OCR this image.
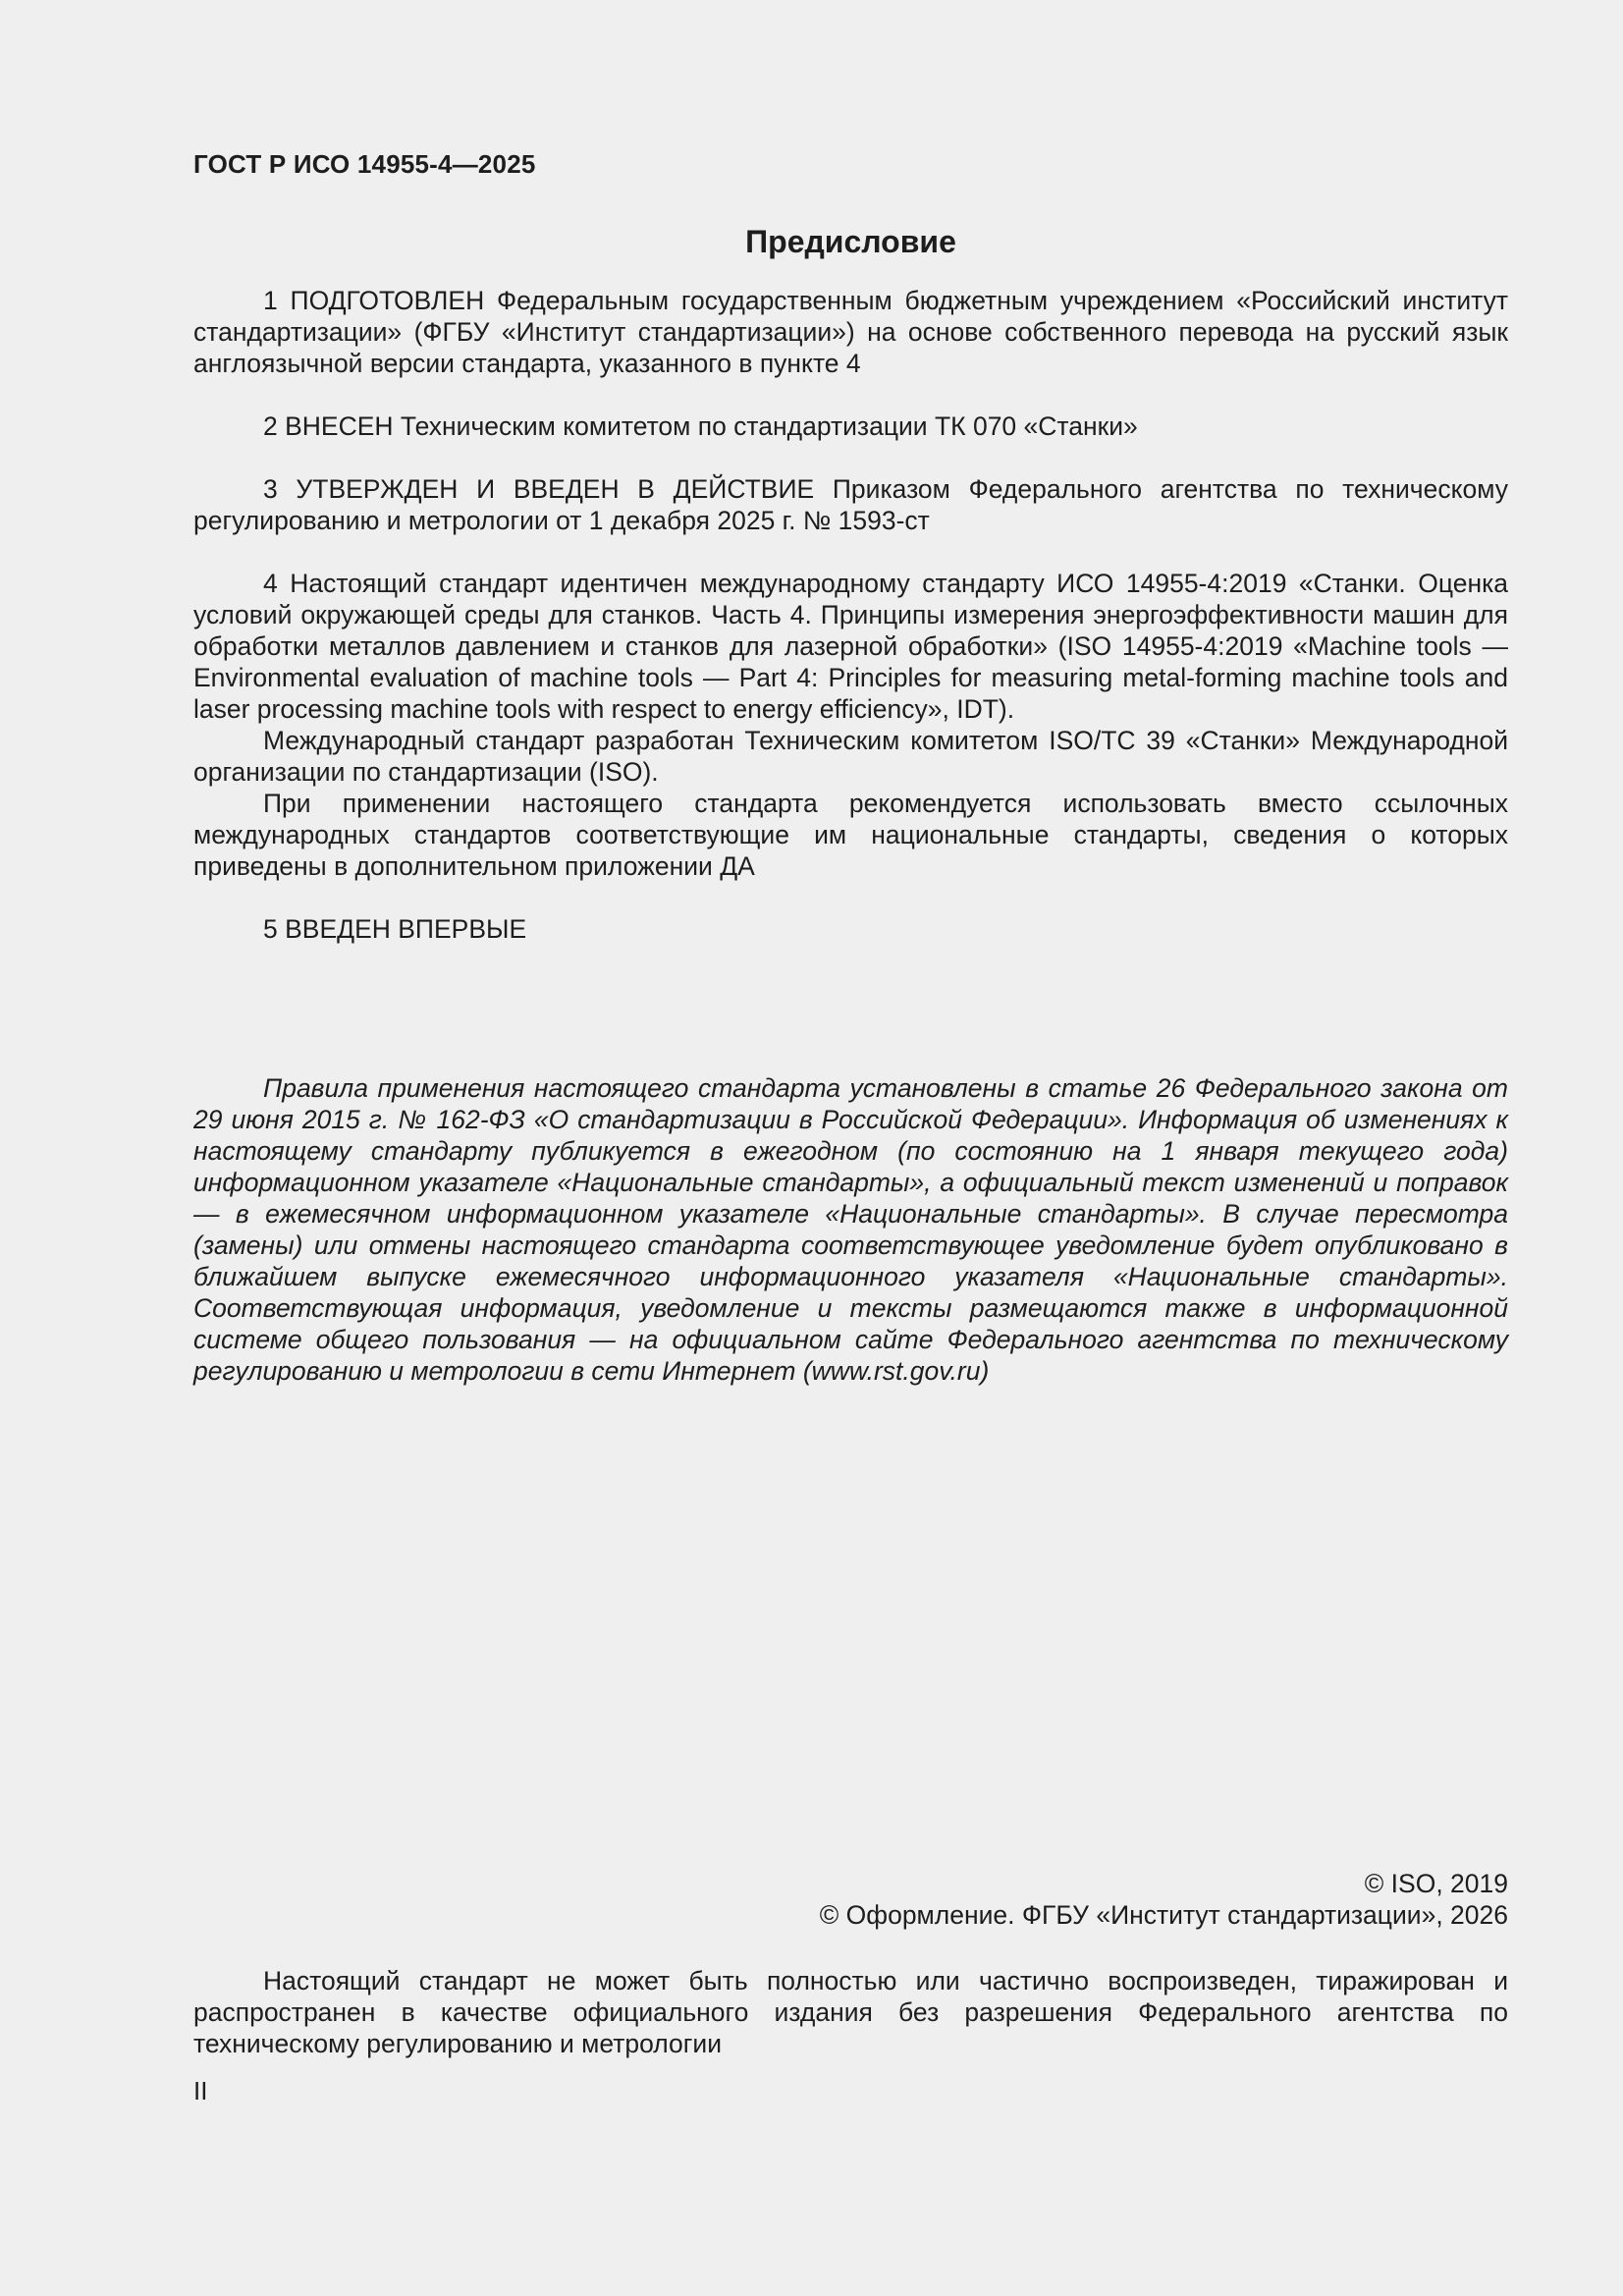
ГОСТ Р ИСО 14955-4—2025
Предисловие

1 ПОДГОТОВЛЕН Федеральным государственным бюджетным учреждением «Российский институт стандартизации» (ФГБУ «Институт стандартизации») на основе собственного перевода на русский язык англоязычной версии стандарта, указанного в пункте 4

2 ВНЕСЕН Техническим комитетом по стандартизации ТК 070 «Станки»

3 УТВЕРЖДЕН И ВВЕДЕН В ДЕЙСТВИЕ Приказом Федерального агентства по техническому регулированию и метрологии от 1 декабря 2025 г. № 1593-ст

4 Настоящий стандарт идентичен международному стандарту ИСО 14955-4:2019 «Станки. Оценка условий окружающей среды для станков. Часть 4. Принципы измерения энергоэффективности машин для обработки металлов давлением и станков для лазерной обработки» (ISO 14955-4:2019 «Machine tools — Environmental evaluation of machine tools — Part 4: Principles for measuring metal-forming machine tools and laser processing machine tools with respect to energy efficiency», IDT).

Международный стандарт разработан Техническим комитетом ISO/TC 39 «Станки» Международной организации по стандартизации (ISO).

При применении настоящего стандарта рекомендуется использовать вместо ссылочных международных стандартов соответствующие им национальные стандарты, сведения о которых приведены в дополнительном приложении ДА

5 ВВЕДЕН ВПЕРВЫЕ

Правила применения настоящего стандарта установлены в статье 26 Федерального закона от 29 июня 2015 г. № 162-ФЗ «О стандартизации в Российской Федерации». Информация об изменениях к настоящему стандарту публикуется в ежегодном (по состоянию на 1 января текущего года) информационном указателе «Национальные стандарты», а официальный текст изменений и поправок — в ежемесячном информационном указателе «Национальные стандарты». В случае пересмотра (замены) или отмены настоящего стандарта соответствующее уведомление будет опубликовано в ближайшем выпуске ежемесячного информационного указателя «Национальные стандарты». Соответствующая информация, уведомление и тексты размещаются также в информационной системе общего пользования — на официальном сайте Федерального агентства по техническому регулированию и метрологии в сети Интернет (www.rst.gov.ru)

© ISO, 2019
© Оформление. ФГБУ «Институт стандартизации», 2026

Настоящий стандарт не может быть полностью или частично воспроизведен, тиражирован и распространен в качестве официального издания без разрешения Федерального агентства по техническому регулированию и метрологии

II
